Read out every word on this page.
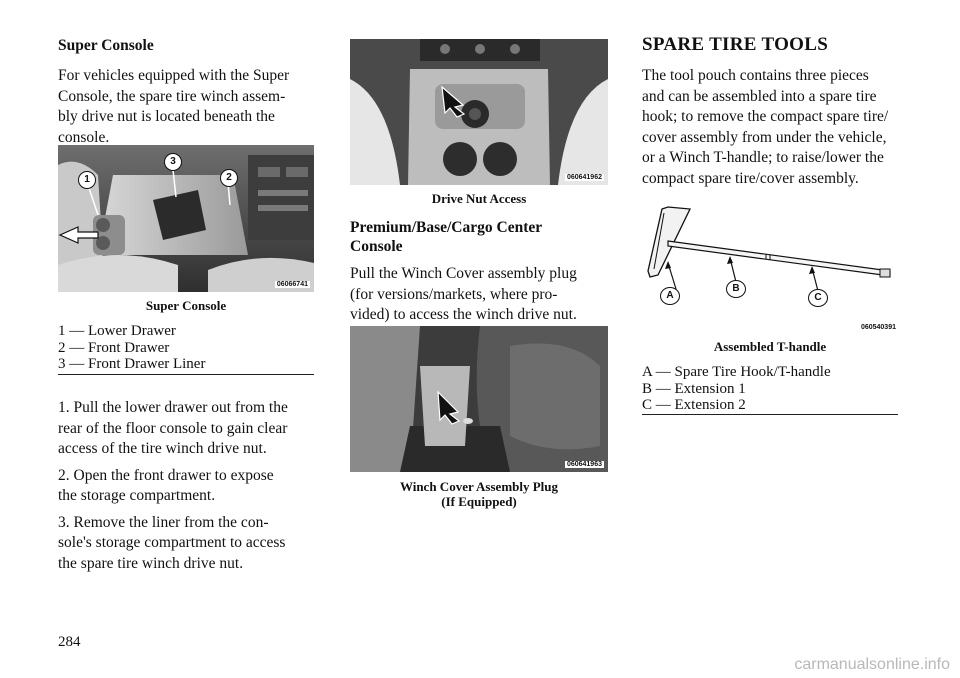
Super Console

For vehicles equipped with the Super

Console, the spare tire winch assem-

bly drive nut is located beneath the

console.

1	2
3
06066741
Super Console
1 — Lower Drawer
2 — Front Drawer
3 — Front Drawer Liner

1. Pull the lower drawer out from the

rear of the floor console to gain clear

access of the tire winch drive nut.

2. Open the front drawer to expose

the storage compartment.

3. Remove the liner from the con-

sole's storage compartment to access

the spare tire winch drive nut.

060641962
Drive Nut Access
Premium/Base/Cargo Center
Console

Pull the Winch Cover assembly plug

(for versions/markets, where pro-

vided) to access the winch drive nut.

060641963
Winch Cover Assembly Plug
(If Equipped)
SPARE TIRE TOOLS

The tool pouch contains three pieces

and can be assembled into a spare tire

hook; to remove the compact spare tire/

cover assembly from under the vehicle,

or a Winch T-handle; to raise/lower the

compact spare tire/cover assembly.

A
B
C
060540391
Assembled T-handle
A — Spare Tire Hook/T-handle
B — Extension 1
C — Extension 2
284
carmanualsonline.info
